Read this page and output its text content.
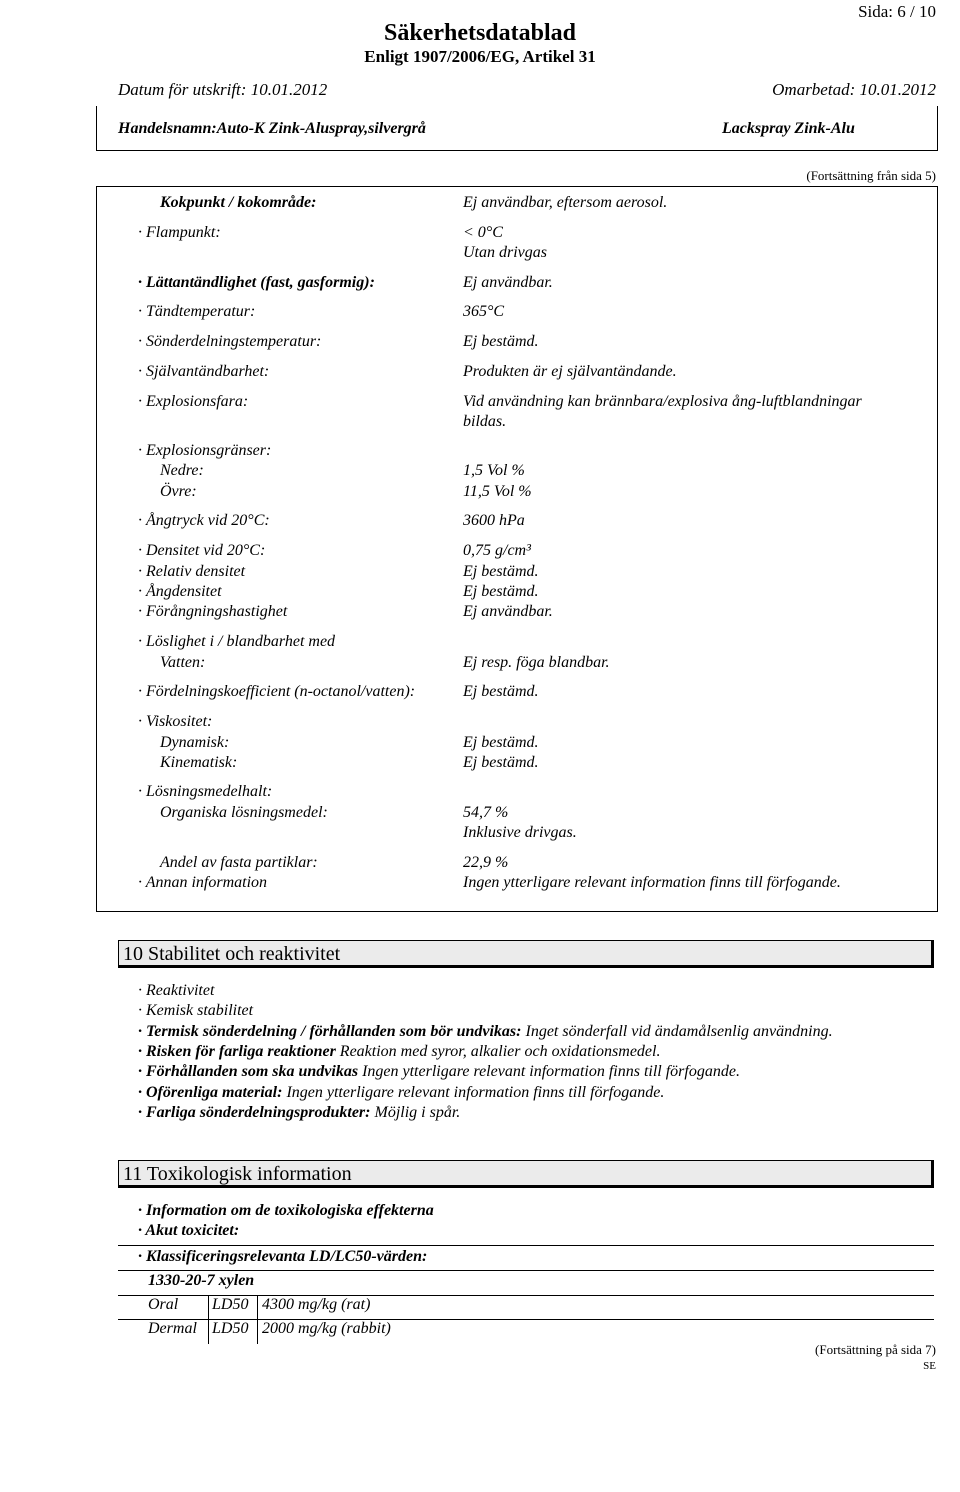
Sida: 6 / 10
Säkerhetsdatablad
Enligt 1907/2006/EG, Artikel 31
Datum för utskrift: 10.01.2012	Omarbetad: 10.01.2012
Handelsnamn:Auto-K Zink-Aluspray,silvergrå	Lackspray Zink-Alu
(Fortsättning från sida 5)
Kokpunkt / kokområde:	Ej användbar, eftersom aerosol.
· Flampunkt:	< 0°C
Utan drivgas
· Lättantändlighet (fast, gasformig):	Ej användbar.
· Tändtemperatur:	365°C
· Sönderdelningstemperatur:	Ej bestämd.
· Självantändbarhet:	Produkten är ej självantändande.
· Explosionsfara:	Vid användning kan brännbara/explosiva ång-luftblandningar
bildas.
· Explosionsgränser:
Nedre:	1,5 Vol %
Övre:	11,5 Vol %
· Ångtryck vid 20°C:	3600 hPa
· Densitet vid 20°C:	0,75 g/cm³
· Relativ densitet	Ej bestämd.
· Ångdensitet	Ej bestämd.
· Förångningshastighet	Ej användbar.
· Löslighet i / blandbarhet med
Vatten:	Ej resp. föga blandbar.
· Fördelningskoefficient (n-octanol/vatten):	Ej bestämd.
· Viskositet:
Dynamisk:	Ej bestämd.
Kinematisk:	Ej bestämd.
· Lösningsmedelhalt:
Organiska lösningsmedel:	54,7 %
Inklusive drivgas.
Andel av fasta partiklar:	22,9 %
· Annan information	Ingen ytterligare relevant information finns till förfogande.
10 Stabilitet och reaktivitet
· Reaktivitet
· Kemisk stabilitet
· Termisk sönderdelning / förhållanden som bör undvikas: Inget sönderfall vid ändamålsenlig användning.
· Risken för farliga reaktioner Reaktion med syror, alkalier och oxidationsmedel.
· Förhållanden som ska undvikas Ingen ytterligare relevant information finns till förfogande.
· Oförenliga material: Ingen ytterligare relevant information finns till förfogande.
· Farliga sönderdelningsprodukter: Möjlig i spår.
11 Toxikologisk information
· Information om de toxikologiska effekterna
· Akut toxicitet:
· Klassificeringsrelevanta LD/LC50-värden:
1330-20-7 xylen
Oral LD50 4300 mg/kg (rat)
Dermal LD50 2000 mg/kg (rabbit)
(Fortsättning på sida 7)
SE
